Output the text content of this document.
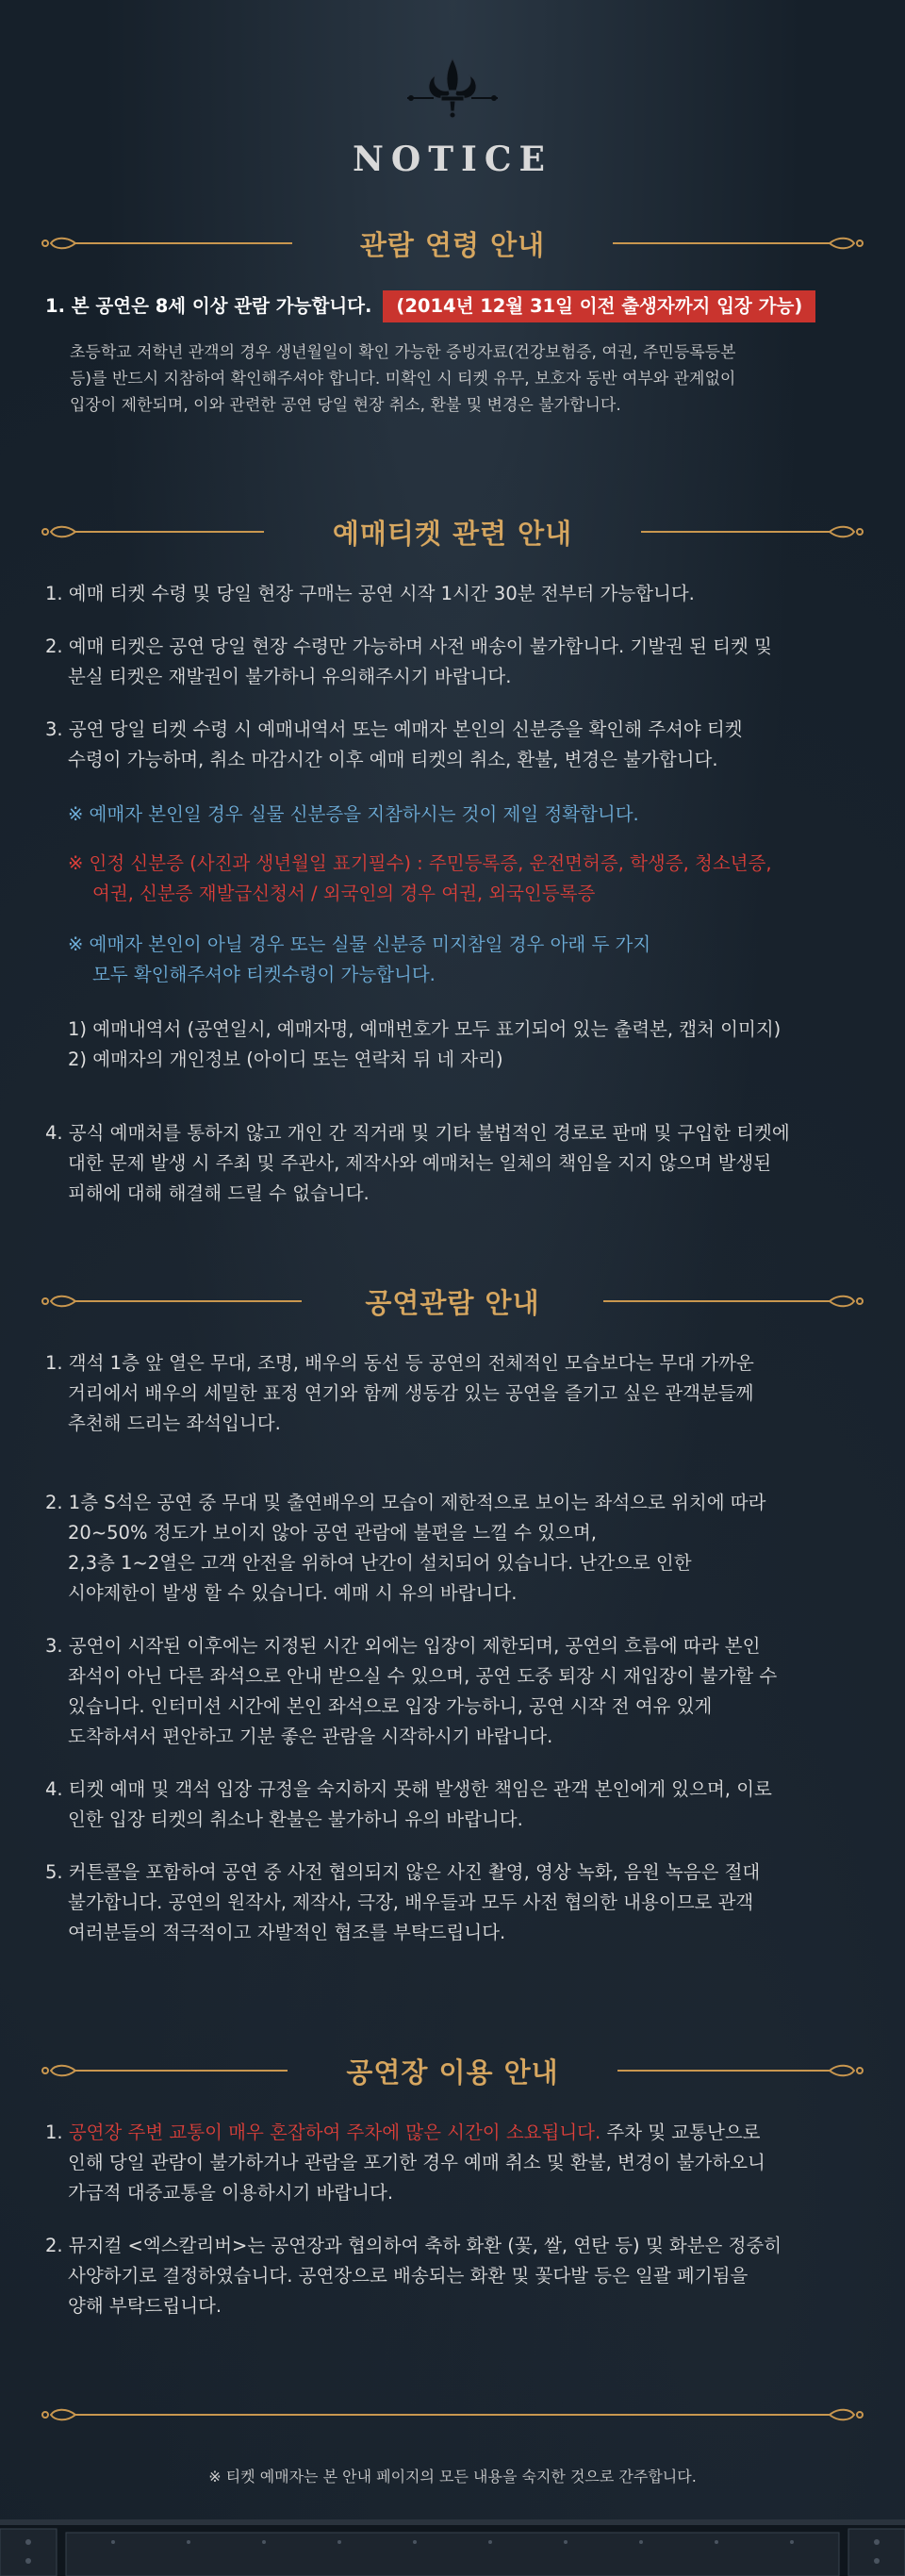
NOTICE
관람 연령 안내
1. 본 공연은 8세 이상 관람 가능합니다. (2014년 12월 31일 이전 출생자까지 입장 가능)
초등학교 저학년 관객의 경우 생년월일이 확인 가능한 증빙자료(건강보험증, 여권, 주민등록등본
등)를 반드시 지참하여 확인해주셔야 합니다. 미확인 시 티켓 유무, 보호자 동반 여부와 관계없이
입장이 제한되며, 이와 관련한 공연 당일 현장 취소, 환불 및 변경은 불가합니다.
예매티켓 관련 안내
1. 예매 티켓 수령 및 당일 현장 구매는 공연 시작 1시간 30분 전부터 가능합니다.
2. 예매 티켓은 공연 당일 현장 수령만 가능하며 사전 배송이 불가합니다. 기발권 된 티켓 및
분실 티켓은 재발권이 불가하니 유의해주시기 바랍니다.
3. 공연 당일 티켓 수령 시 예매내역서 또는 예매자 본인의 신분증을 확인해 주셔야 티켓
수령이 가능하며, 취소 마감시간 이후 예매 티켓의 취소, 환불, 변경은 불가합니다.
※ 예매자 본인일 경우 실물 신분증을 지참하시는 것이 제일 정확합니다.
※ 인정 신분증 (사진과 생년월일 표기필수) : 주민등록증, 운전면허증, 학생증, 청소년증,
여권, 신분증 재발급신청서 / 외국인의 경우 여권, 외국인등록증
※ 예매자 본인이 아닐 경우 또는 실물 신분증 미지참일 경우 아래 두 가지
모두 확인해주셔야 티켓수령이 가능합니다.
1) 예매내역서 (공연일시, 예매자명, 예매번호가 모두 표기되어 있는 출력본, 캡처 이미지)
2) 예매자의 개인정보 (아이디 또는 연락처 뒤 네 자리)
4. 공식 예매처를 통하지 않고 개인 간 직거래 및 기타 불법적인 경로로 판매 및 구입한 티켓에
대한 문제 발생 시 주최 및 주관사, 제작사와 예매처는 일체의 책임을 지지 않으며 발생된
피해에 대해 해결해 드릴 수 없습니다.
공연관람 안내
1. 객석 1층 앞 열은 무대, 조명, 배우의 동선 등 공연의 전체적인 모습보다는 무대 가까운
거리에서 배우의 세밀한 표정 연기와 함께 생동감 있는 공연을 즐기고 싶은 관객분들께
추천해 드리는 좌석입니다.
2. 1층 S석은 공연 중 무대 및 출연배우의 모습이 제한적으로 보이는 좌석으로 위치에 따라
20~50% 정도가 보이지 않아 공연 관람에 불편을 느낄 수 있으며,
2,3층 1~2열은 고객 안전을 위하여 난간이 설치되어 있습니다. 난간으로 인한
시야제한이 발생 할 수 있습니다. 예매 시 유의 바랍니다.
3. 공연이 시작된 이후에는 지정된 시간 외에는 입장이 제한되며, 공연의 흐름에 따라 본인
좌석이 아닌 다른 좌석으로 안내 받으실 수 있으며, 공연 도중 퇴장 시 재입장이 불가할 수
있습니다. 인터미션 시간에 본인 좌석으로 입장 가능하니, 공연 시작 전 여유 있게
도착하셔서 편안하고 기분 좋은 관람을 시작하시기 바랍니다.
4. 티켓 예매 및 객석 입장 규정을 숙지하지 못해 발생한 책임은 관객 본인에게 있으며, 이로
인한 입장 티켓의 취소나 환불은 불가하니 유의 바랍니다.
5. 커튼콜을 포함하여 공연 중 사전 협의되지 않은 사진 촬영, 영상 녹화, 음원 녹음은 절대
불가합니다. 공연의 원작사, 제작사, 극장, 배우들과 모두 사전 협의한 내용이므로 관객
여러분들의 적극적이고 자발적인 협조를 부탁드립니다.
공연장 이용 안내
1. 공연장 주변 교통이 매우 혼잡하여 주차에 많은 시간이 소요됩니다. 주차 및 교통난으로
인해 당일 관람이 불가하거나 관람을 포기한 경우 예매 취소 및 환불, 변경이 불가하오니
가급적 대중교통을 이용하시기 바랍니다.
2. 뮤지컬 <엑스칼리버>는 공연장과 협의하여 축하 화환 (꽃, 쌀, 연탄 등) 및 화분은 정중히
사양하기로 결정하였습니다. 공연장으로 배송되는 화환 및 꽃다발 등은 일괄 폐기됨을
양해 부탁드립니다.
※ 티켓 예매자는 본 안내 페이지의 모든 내용을 숙지한 것으로 간주합니다.
